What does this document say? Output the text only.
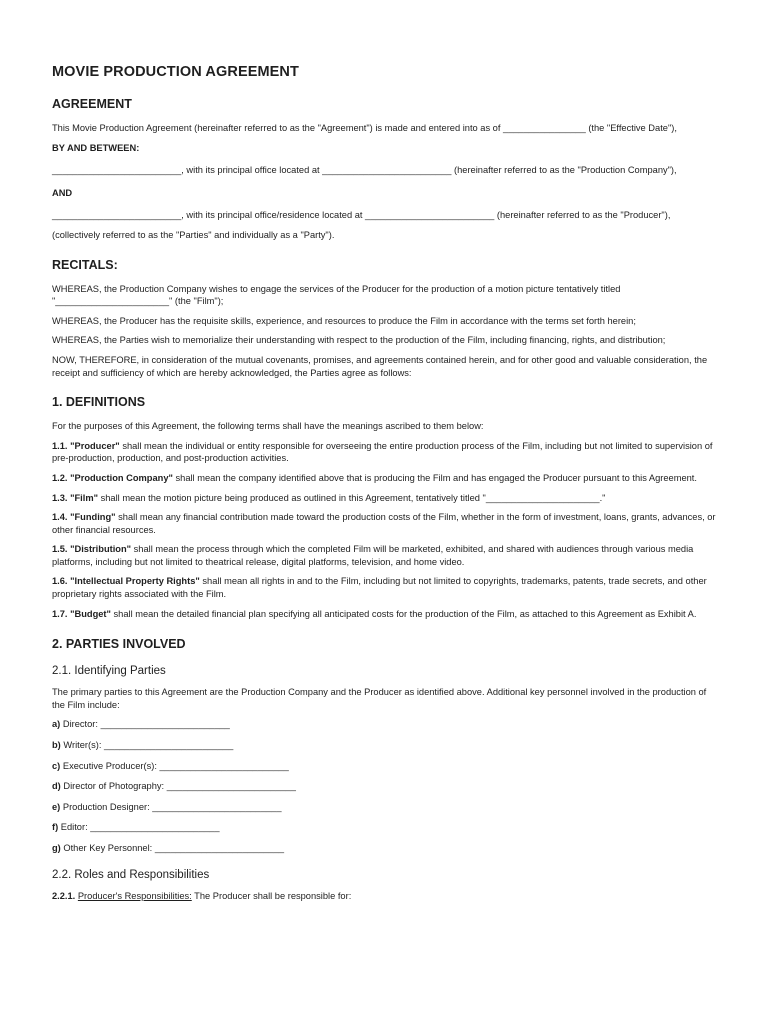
MOVIE PRODUCTION AGREEMENT
AGREEMENT

This Movie Production Agreement (hereinafter referred to as the "Agreement") is made and entered into as of ________________ (the "Effective Date"),

BY AND BETWEEN:

_________________________, with its principal office located at _________________________ (hereinafter referred to as the "Production Company"),

AND

_________________________, with its principal office/residence located at _________________________ (hereinafter referred to as the "Producer"),

(collectively referred to as the "Parties" and individually as a "Party").

RECITALS:

WHEREAS, the Production Company wishes to engage the services of the Producer for the production of a motion picture tentatively titled "______________________" (the "Film");

WHEREAS, the Producer has the requisite skills, experience, and resources to produce the Film in accordance with the terms set forth herein;

WHEREAS, the Parties wish to memorialize their understanding with respect to the production of the Film, including financing, rights, and distribution;

NOW, THEREFORE, in consideration of the mutual covenants, promises, and agreements contained herein, and for other good and valuable consideration, the receipt and sufficiency of which are hereby acknowledged, the Parties agree as follows:

1. DEFINITIONS

For the purposes of this Agreement, the following terms shall have the meanings ascribed to them below:

1.1. "Producer" shall mean the individual or entity responsible for overseeing the entire production process of the Film, including but not limited to supervision of pre-production, production, and post-production activities.

1.2. "Production Company" shall mean the company identified above that is producing the Film and has engaged the Producer pursuant to this Agreement.

1.3. "Film" shall mean the motion picture being produced as outlined in this Agreement, tentatively titled "______________________."

1.4. "Funding" shall mean any financial contribution made toward the production costs of the Film, whether in the form of investment, loans, grants, advances, or other financial resources.

1.5. "Distribution" shall mean the process through which the completed Film will be marketed, exhibited, and shared with audiences through various media platforms, including but not limited to theatrical release, digital platforms, television, and home video.

1.6. "Intellectual Property Rights" shall mean all rights in and to the Film, including but not limited to copyrights, trademarks, patents, trade secrets, and other proprietary rights associated with the Film.

1.7. "Budget" shall mean the detailed financial plan specifying all anticipated costs for the production of the Film, as attached to this Agreement as Exhibit A.

2. PARTIES INVOLVED
2.1. Identifying Parties

The primary parties to this Agreement are the Production Company and the Producer as identified above. Additional key personnel involved in the production of the Film include:

a) Director: _________________________

b) Writer(s): _________________________

c) Executive Producer(s): _________________________

d) Director of Photography: _________________________

e) Production Designer: _________________________

f) Editor: _________________________

g) Other Key Personnel: _________________________

2.2. Roles and Responsibilities

2.2.1. Producer's Responsibilities: The Producer shall be responsible for:
